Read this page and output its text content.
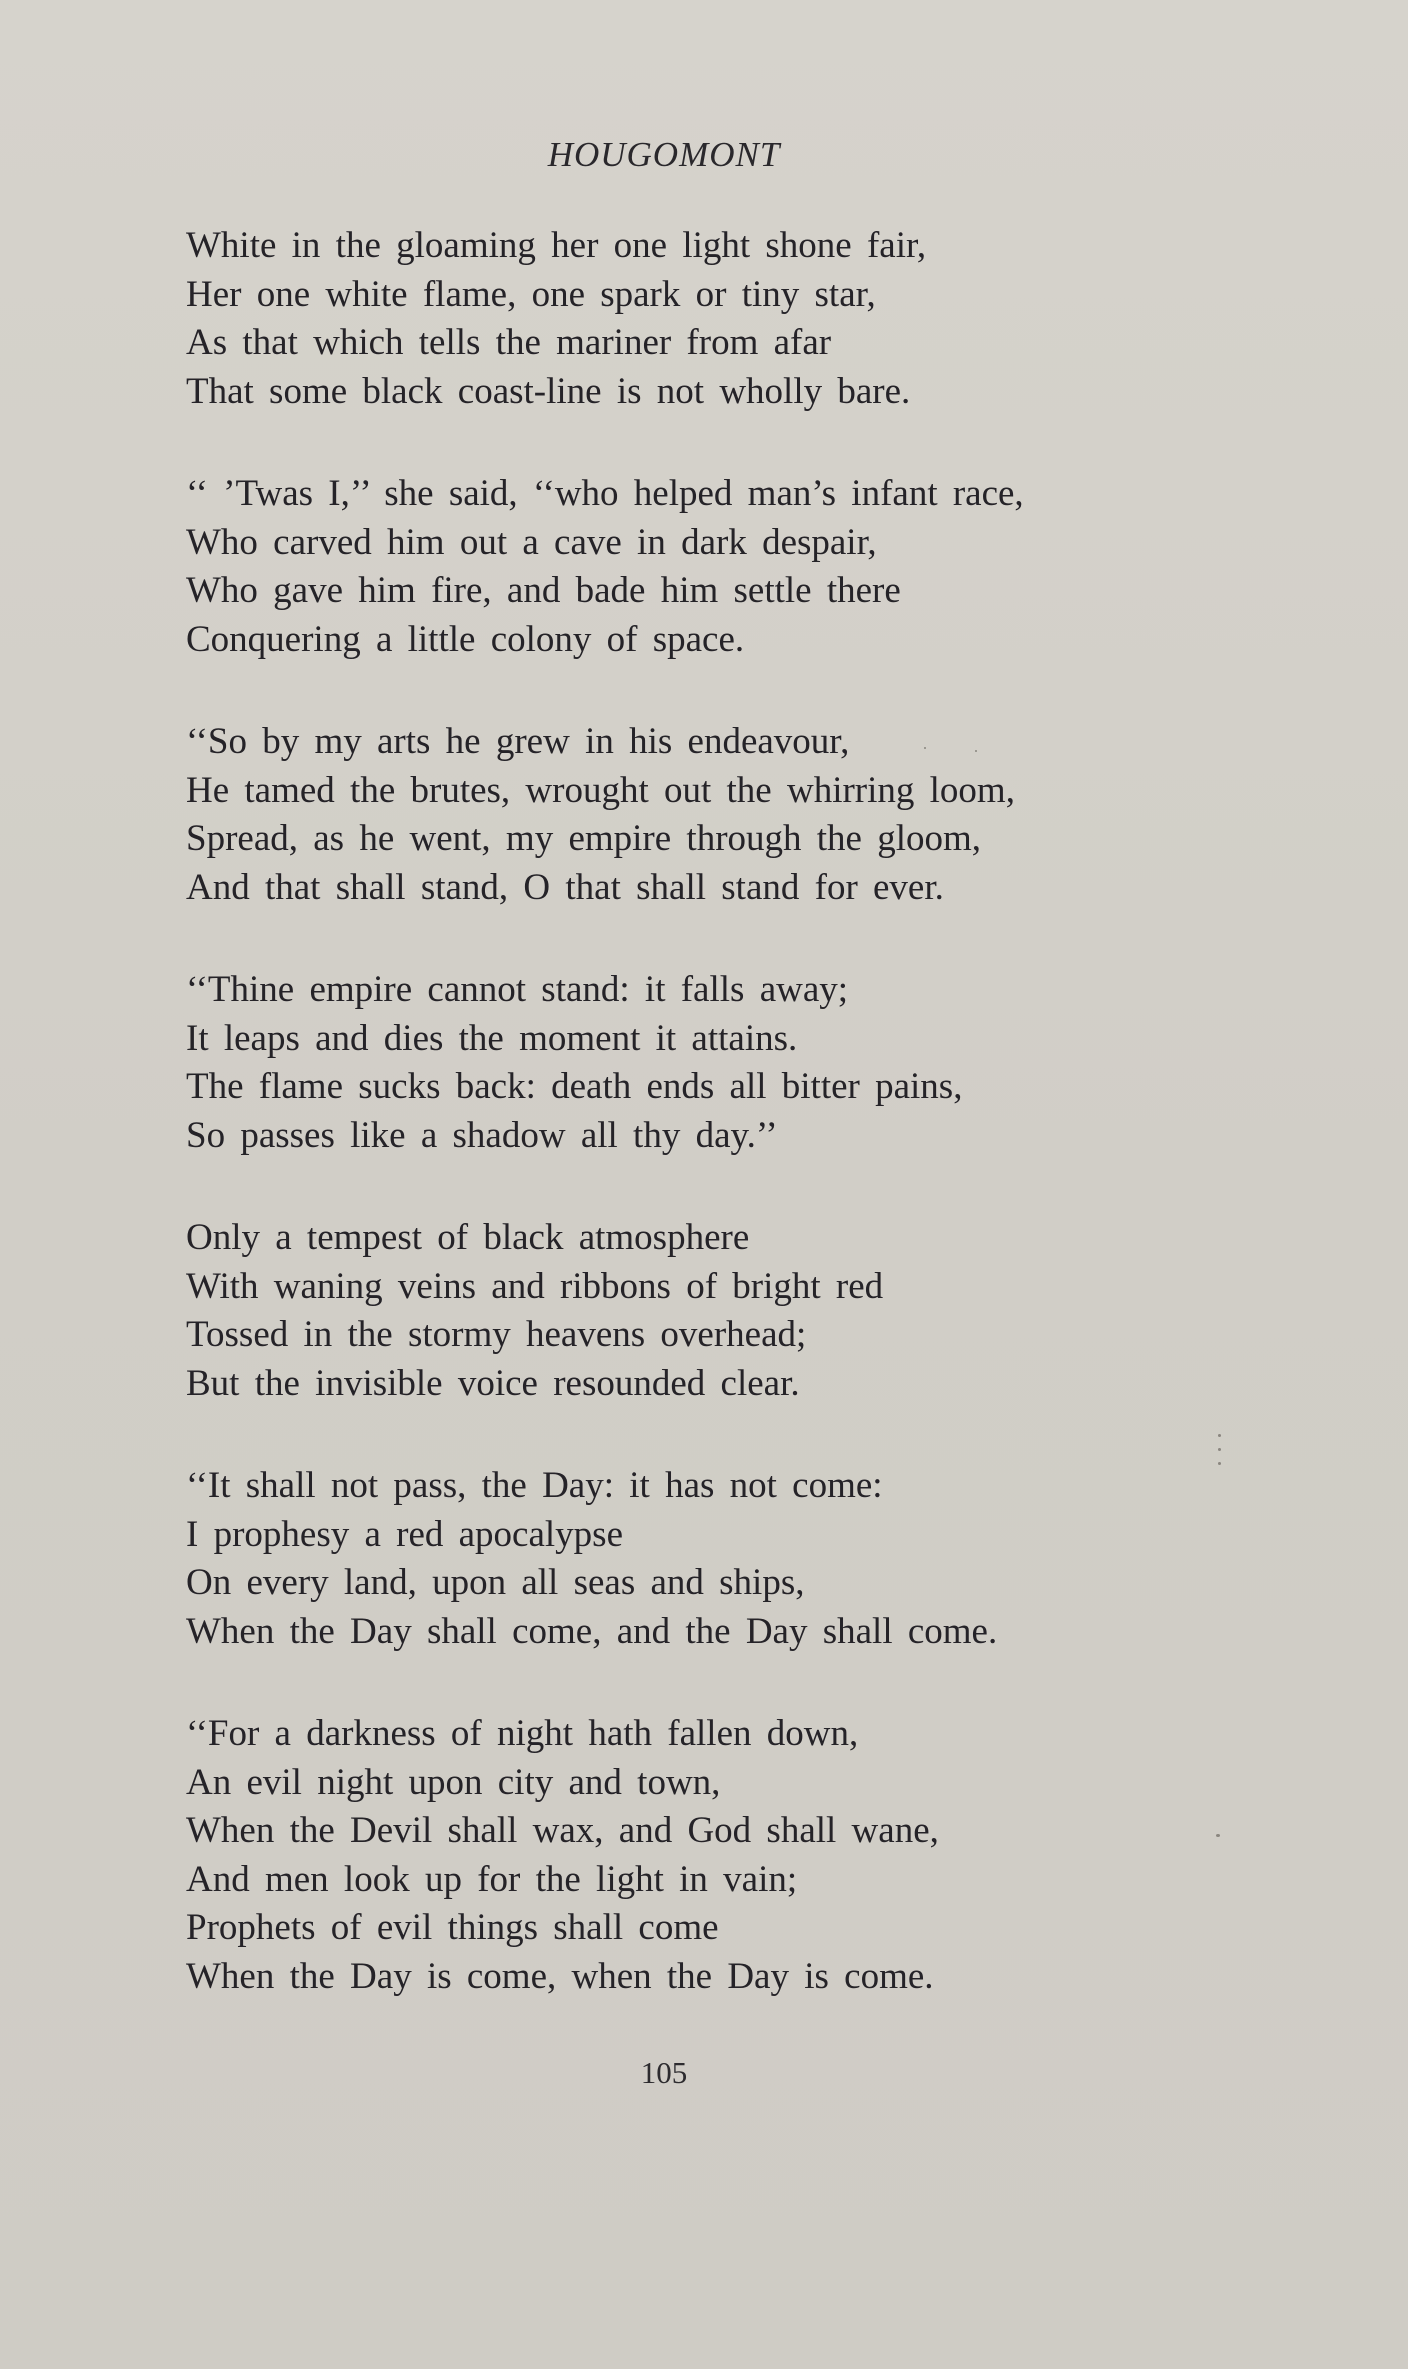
HOUGOMONT
White in the gloaming her one light shone fair,
Her one white flame, one spark or tiny star,
As that which tells the mariner from afar
That some black coast-line is not wholly bare.
‘‘ ’Twas I,’’ she said, ‘‘who helped man’s infant race,
Who carved him out a cave in dark despair,
Who gave him fire, and bade him settle there
Conquering a little colony of space.
‘‘So by my arts he grew in his endeavour,
He tamed the brutes, wrought out the whirring loom,
Spread, as he went, my empire through the gloom,
And that shall stand, O that shall stand for ever.
‘‘Thine empire cannot stand: it falls away;
It leaps and dies the moment it attains.
The flame sucks back: death ends all bitter pains,
So passes like a shadow all thy day.’’
Only a tempest of black atmosphere
With waning veins and ribbons of bright red
Tossed in the stormy heavens overhead;
But the invisible voice resounded clear.
‘‘It shall not pass, the Day: it has not come:
I prophesy a red apocalypse
On every land, upon all seas and ships,
When the Day shall come, and the Day shall come.
‘‘For a darkness of night hath fallen down,
An evil night upon city and town,
When the Devil shall wax, and God shall wane,
And men look up for the light in vain;
Prophets of evil things shall come
When the Day is come, when the Day is come.
105
